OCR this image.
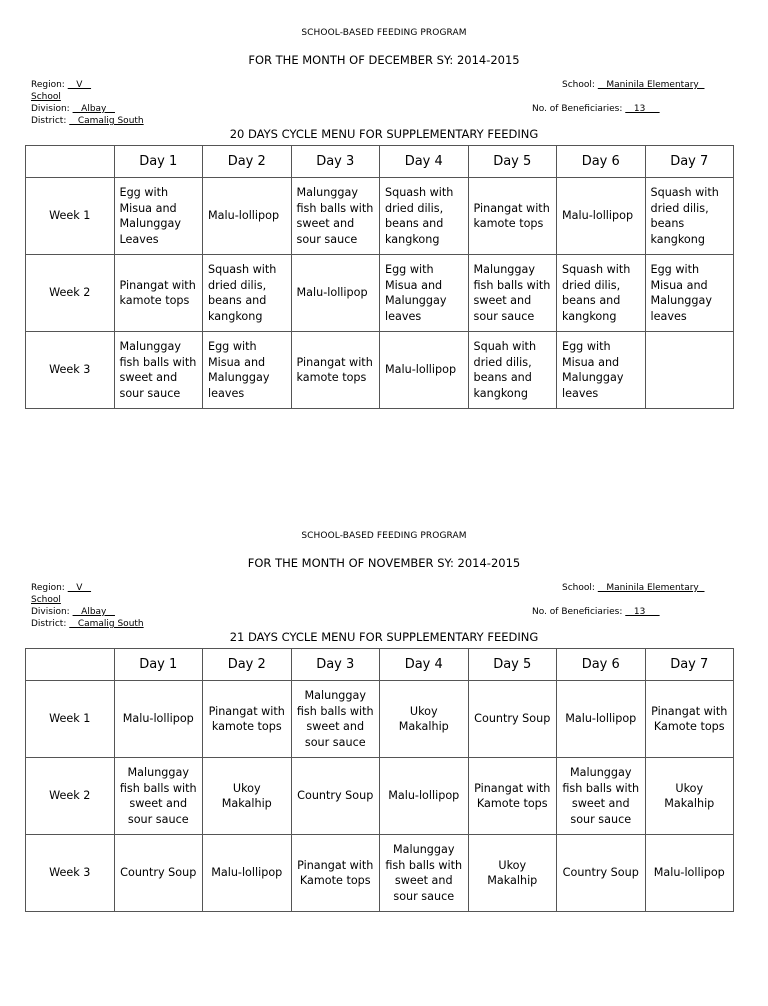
SCHOOL-BASED FEEDING PROGRAM
FOR THE MONTH OF DECEMBER SY: 2014-2015
Region:    V
School
Division:    Albay
District:    Camalig South
School:    Maninila Elementary
No. of Beneficiaries:    13
20 DAYS CYCLE MENU FOR SUPPLEMENTARY FEEDING
	Day 1	Day 2	Day 3	Day 4	Day 5	Day 6	Day 7
Week 1	Egg with Misua and Malunggay Leaves	Malu-lollipop	Malunggay fish balls with sweet and sour sauce	Squash with dried dilis, beans and kangkong	Pinangat with kamote tops	Malu-lollipop	Squash with dried dilis, beans kangkong
Week 2	Pinangat with kamote tops	Squash with dried dilis, beans and kangkong	Malu-lollipop	Egg with Misua and Malunggay leaves	Malunggay fish balls with sweet and sour sauce	Squash with dried dilis, beans and kangkong	Egg with Misua and Malunggay leaves
Week 3	Malunggay fish balls with sweet and sour sauce	Egg with Misua and Malunggay leaves	Pinangat with kamote tops	Malu-lollipop	Squah with dried dilis, beans and kangkong	Egg with Misua and Malunggay leaves	
SCHOOL-BASED FEEDING PROGRAM
FOR THE MONTH OF NOVEMBER SY: 2014-2015
Region:    V
School
Division:    Albay
District:    Camalig South
School:    Maninila Elementary
No. of Beneficiaries:    13
21 DAYS CYCLE MENU FOR SUPPLEMENTARY FEEDING
	Day 1	Day 2	Day 3	Day 4	Day 5	Day 6	Day 7
Week 1	Malu-lollipop	Pinangat with kamote tops	Malunggay fish balls with sweet and sour sauce	Ukoy Makalhip	Country Soup	Malu-lollipop	Pinangat with Kamote tops
Week 2	Malunggay fish balls with sweet and sour sauce	Ukoy Makalhip	Country Soup	Malu-lollipop	Pinangat with Kamote tops	Malunggay fish balls with sweet and sour sauce	Ukoy Makalhip
Week 3	Country Soup	Malu-lollipop	Pinangat with Kamote tops	Malunggay fish balls with sweet and sour sauce	Ukoy Makalhip	Country Soup	Malu-lollipop
